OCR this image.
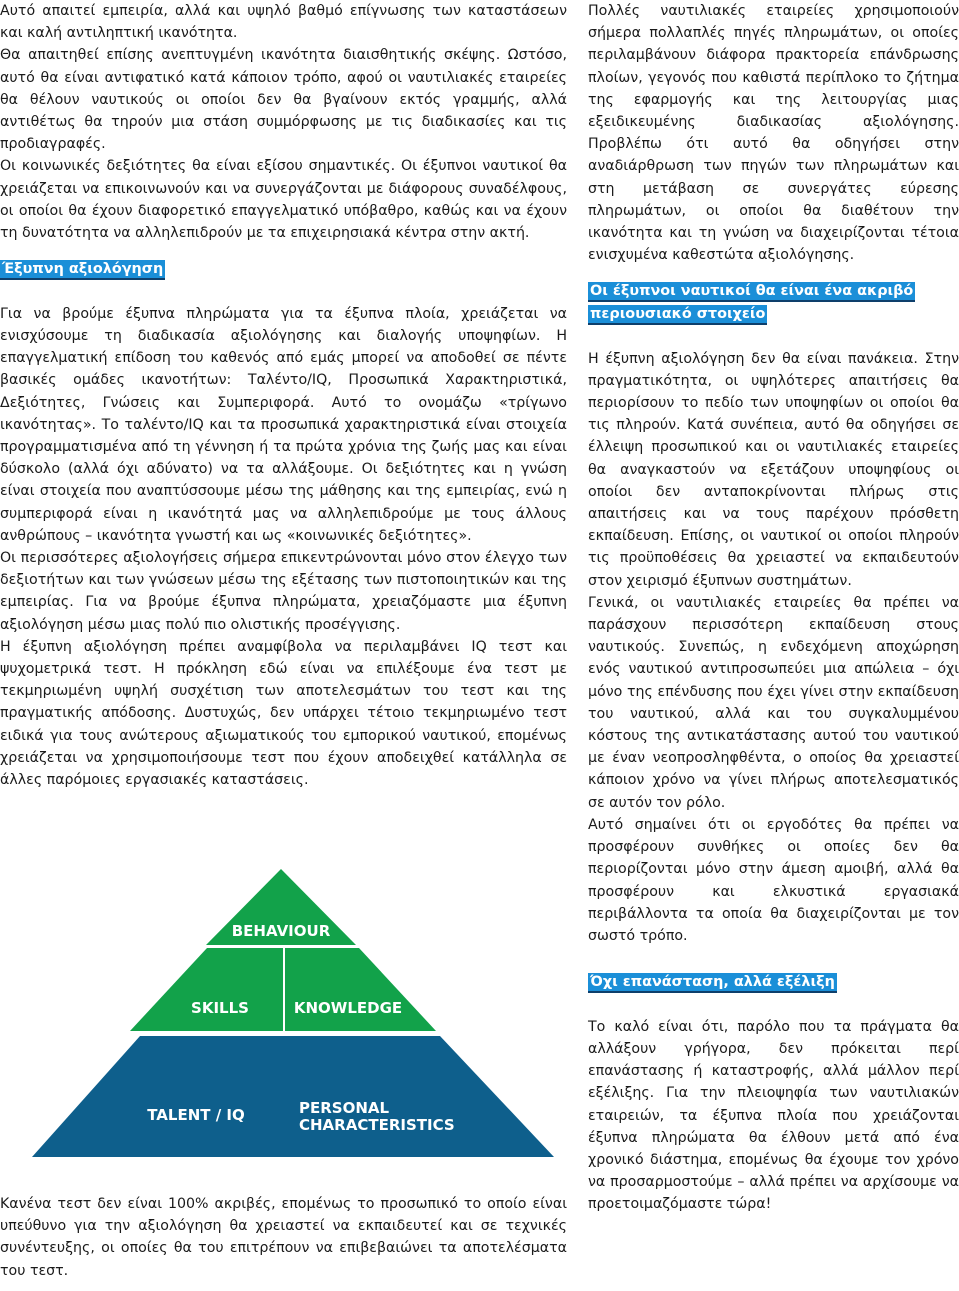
Αυτό απαιτεί εμπειρία, αλλά και υψηλό βαθμό επίγνωσης των καταστάσεων και καλή αντιληπτική ικανότητα.

Θα απαιτηθεί επίσης ανεπτυγμένη ικανότητα διαισθητικής σκέψης. Ωστόσο, αυτό θα είναι αντιφατικό κατά κάποιον τρόπο, αφού οι ναυτιλιακές εταιρείες θα θέλουν ναυτικούς οι οποίοι δεν θα βγαίνουν εκτός γραμμής, αλλά αντιθέτως θα τηρούν μια στάση συμμόρφωσης με τις διαδικασίες και τις προδιαγραφές.

Οι κοινωνικές δεξιότητες θα είναι εξίσου σημαντικές. Οι έξυπνοι ναυτικοί θα χρειάζεται να επικοινωνούν και να συνεργάζονται με διάφορους συναδέλφους, οι οποίοι θα έχουν διαφορετικό επαγγελματικό υπόβαθρο, καθώς και να έχουν τη δυνατότητα να αλληλεπιδρούν με τα επιχειρησιακά κέντρα στην ακτή.

Έξυπνη αξιολόγηση

Για να βρούμε έξυπνα πληρώματα για τα έξυπνα πλοία, χρειάζεται να ενισχύσουμε τη διαδικασία αξιολόγησης και διαλογής υποψηφίων. Η επαγγελματική επίδοση του καθενός από εμάς μπορεί να αποδοθεί σε πέντε βασικές ομάδες ικανοτήτων: Ταλέντο/IQ, Προσωπικά Χαρακτηριστικά, Δεξιότητες, Γνώσεις και Συμπεριφορά. Αυτό το ονομάζω «τρίγωνο ικανότητας». Το ταλέντο/IQ και τα προσωπικά χαρακτηριστικά είναι στοιχεία προγραμματισμένα από τη γέννηση ή τα πρώτα χρόνια της ζωής μας και είναι δύσκολο (αλλά όχι αδύνατο) να τα αλλάξουμε. Οι δεξιότητες και η γνώση είναι στοιχεία που αναπτύσσουμε μέσω της μάθησης και της εμπειρίας, ενώ η συμπεριφορά είναι η ικανότητά μας να αλληλεπιδρούμε με τους άλλους ανθρώπους – ικανότητα γνωστή και ως «κοινωνικές δεξιότητες».

Οι περισσότερες αξιολογήσεις σήμερα επικεντρώνονται μόνο στον έλεγχο των δεξιοτήτων και των γνώσεων μέσω της εξέτασης των πιστοποιητικών και της εμπειρίας. Για να βρούμε έξυπνα πληρώματα, χρειαζόμαστε μια έξυπνη αξιολόγηση μέσω μιας πολύ πιο ολιστικής προσέγγισης.

Η έξυπνη αξιολόγηση πρέπει αναμφίβολα να περιλαμβάνει IQ τεστ και ψυχομετρικά τεστ. Η πρόκληση εδώ είναι να επιλέξουμε ένα τεστ με τεκμηριωμένη υψηλή συσχέτιση των αποτελεσμάτων του τεστ και της πραγματικής απόδοσης. Δυστυχώς, δεν υπάρχει τέτοιο τεκμηριωμένο τεστ ειδικά για τους ανώτερους αξιωματικούς του εμπορικού ναυτικού, επομένως χρειάζεται να χρησιμοποιήσουμε τεστ που έχουν αποδειχθεί κατάλληλα σε άλλες παρόμοιες εργασιακές καταστάσεις.

BEHAVIOUR
SKILLS	KNOWLEDGE
TALENT / IQ	PERSONAL
CHARACTERISTICS

Κανένα τεστ δεν είναι 100% ακριβές, επομένως το προσωπικό το οποίο είναι υπεύθυνο για την αξιολόγηση θα χρειαστεί να εκπαιδευτεί και σε τεχνικές συνέντευξης, οι οποίες θα του επιτρέπουν να επιβεβαιώνει τα αποτελέσματα του τεστ.

Πολλές ναυτιλιακές εταιρείες χρησιμοποιούν σήμερα πολλαπλές πηγές πληρωμάτων, οι οποίες περιλαμβάνουν διάφορα πρακτορεία επάνδρωσης πλοίων, γεγονός που καθιστά περίπλοκο το ζήτημα της εφαρμογής και της λειτουργίας μιας εξειδικευμένης διαδικασίας αξιολόγησης. Προβλέπω ότι αυτό θα οδηγήσει στην αναδιάρθρωση των πηγών των πληρωμάτων και στη μετάβαση σε συνεργάτες εύρεσης πληρωμάτων, οι οποίοι θα διαθέτουν την ικανότητα και τη γνώση να διαχειρίζονται τέτοια ενισχυμένα καθεστώτα αξιολόγησης.

Οι έξυπνοι ναυτικοί θα είναι ένα ακριβό περιουσιακό στοιχείο

Η έξυπνη αξιολόγηση δεν θα είναι πανάκεια. Στην πραγματικότητα, οι υψηλότερες απαιτήσεις θα περιορίσουν το πεδίο των υποψηφίων οι οποίοι θα τις πληρούν. Κατά συνέπεια, αυτό θα οδηγήσει σε έλλειψη προσωπικού και οι ναυτιλιακές εταιρείες θα αναγκαστούν να εξετάζουν υποψηφίους οι οποίοι δεν ανταποκρίνονται πλήρως στις απαιτήσεις και να τους παρέχουν πρόσθετη εκπαίδευση. Επίσης, οι ναυτικοί οι οποίοι πληρούν τις προϋποθέσεις θα χρειαστεί να εκπαιδευτούν στον χειρισμό έξυπνων συστημάτων.

Γενικά, οι ναυτιλιακές εταιρείες θα πρέπει να παράσχουν περισσότερη εκπαίδευση στους ναυτικούς. Συνεπώς, η ενδεχόμενη αποχώρηση ενός ναυτικού αντιπροσωπεύει μια απώλεια – όχι μόνο της επένδυσης που έχει γίνει στην εκπαίδευση του ναυτικού, αλλά και του συγκαλυμμένου κόστους της αντικατάστασης αυτού του ναυτικού με έναν νεοπροσληφθέντα, ο οποίος θα χρειαστεί κάποιον χρόνο να γίνει πλήρως αποτελεσματικός σε αυτόν τον ρόλο.

Αυτό σημαίνει ότι οι εργοδότες θα πρέπει να προσφέρουν συνθήκες οι οποίες δεν θα περιορίζονται μόνο στην άμεση αμοιβή, αλλά θα προσφέρουν και ελκυστικά εργασιακά περιβάλλοντα τα οποία θα διαχειρίζονται με τον σωστό τρόπο.

Όχι επανάσταση, αλλά εξέλιξη

Το καλό είναι ότι, παρόλο που τα πράγματα θα αλλάξουν γρήγορα, δεν πρόκειται περί επανάστασης ή καταστροφής, αλλά μάλλον περί εξέλιξης. Για την πλειοψηφία των ναυτιλιακών εταιρειών, τα έξυπνα πλοία που χρειάζονται έξυπνα πληρώματα θα έλθουν μετά από ένα χρονικό διάστημα, επομένως θα έχουμε τον χρόνο να προσαρμοστούμε – αλλά πρέπει να αρχίσουμε να προετοιμαζόμαστε τώρα!
